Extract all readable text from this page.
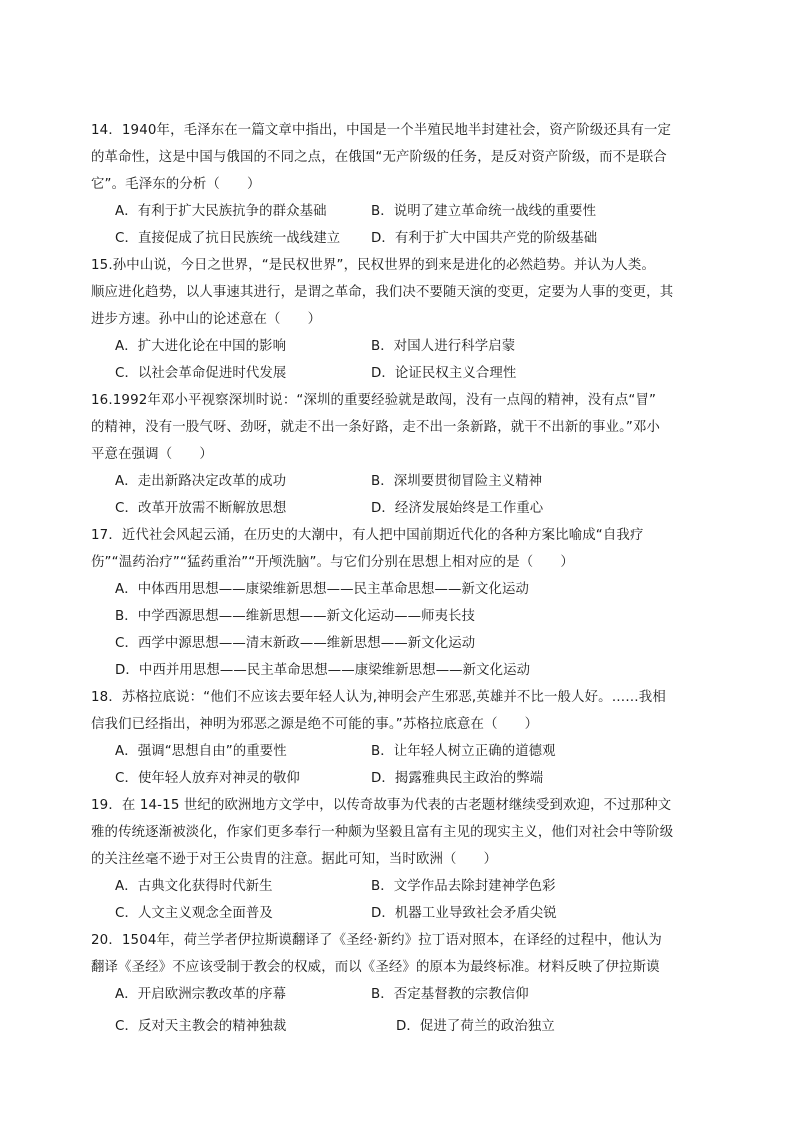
14．1940年，毛泽东在一篇文章中指出，中国是一个半殖民地半封建社会，资产阶级还具有一定
的革命性，这是中国与俄国的不同之点，在俄国“无产阶级的任务，是反对资产阶级，而不是联合
它”。毛泽东的分析（　　）
A．有利于扩大民族抗争的群众基础	B．说明了建立革命统一战线的重要性
C．直接促成了抗日民族统一战线建立 D．有利于扩大中国共产党的阶级基础
15.孙中山说，今日之世界，“是民权世界”，民权世界的到来是进化的必然趋势。并认为人类。
顺应进化趋势，以人事速其进行，是谓之革命，我们决不要随天演的变更，定要为人事的变更，其
进步方速。孙中山的论述意在（　　）
A．扩大进化论在中国的影响	B．对国人进行科学启蒙
C．以社会革命促进时代发展	D．论证民权主义合理性
16.1992年邓小平视察深圳时说：“深圳的重要经验就是敢闯，没有一点闯的精神，没有点“冒”
的精神，没有一股气呀、劲呀，就走不出一条好路，走不出一条新路，就干不出新的事业。”邓小
平意在强调（　　）
A．走出新路决定改革的成功	B．深圳要贯彻冒险主义精神
C．改革开放需不断解放思想	D．经济发展始终是工作重心
17．近代社会风起云涌，在历史的大潮中，有人把中国前期近代化的各种方案比喻成“自我疗
伤”“温药治疗”“猛药重治”“开颅洗脑”。与它们分别在思想上相对应的是（　　）
A．中体西用思想——康梁维新思想——民主革命思想——新文化运动
B．中学西源思想——维新思想——新文化运动——师夷长技
C．西学中源思想——清末新政——维新思想——新文化运动
D．中西并用思想——民主革命思想——康梁维新思想——新文化运动
18．苏格拉底说：“他们不应该去要年轻人认为,神明会产生邪恶,英雄并不比一般人好。……我相
信我们已经指出，神明为邪恶之源是绝不可能的事。”苏格拉底意在（　　）
A．强调“思想自由”的重要性	B．让年轻人树立正确的道德观
C．使年轻人放弃对神灵的敬仰	D．揭露雅典民主政治的弊端
19．在 14-15 世纪的欧洲地方文学中，以传奇故事为代表的古老题材继续受到欢迎，不过那种文
雅的传统逐渐被淡化，作家们更多奉行一种颇为坚毅且富有主见的现实主义，他们对社会中等阶级
的关注丝毫不逊于对王公贵胄的注意。据此可知，当时欧洲（　　）
A．古典文化获得时代新生	B．文学作品去除封建神学色彩
C．人文主义观念全面普及	D．机器工业导致社会矛盾尖锐
20．1504年，荷兰学者伊拉斯谟翻译了《圣经·新约》拉丁语对照本，在译经的过程中，他认为
翻译《圣经》不应该受制于教会的权威，而以《圣经》的原本为最终标准。材料反映了伊拉斯谟
A．开启欧洲宗教改革的序幕	B．否定基督教的宗教信仰
C．反对天主教会的精神独裁	D．促进了荷兰的政治独立
